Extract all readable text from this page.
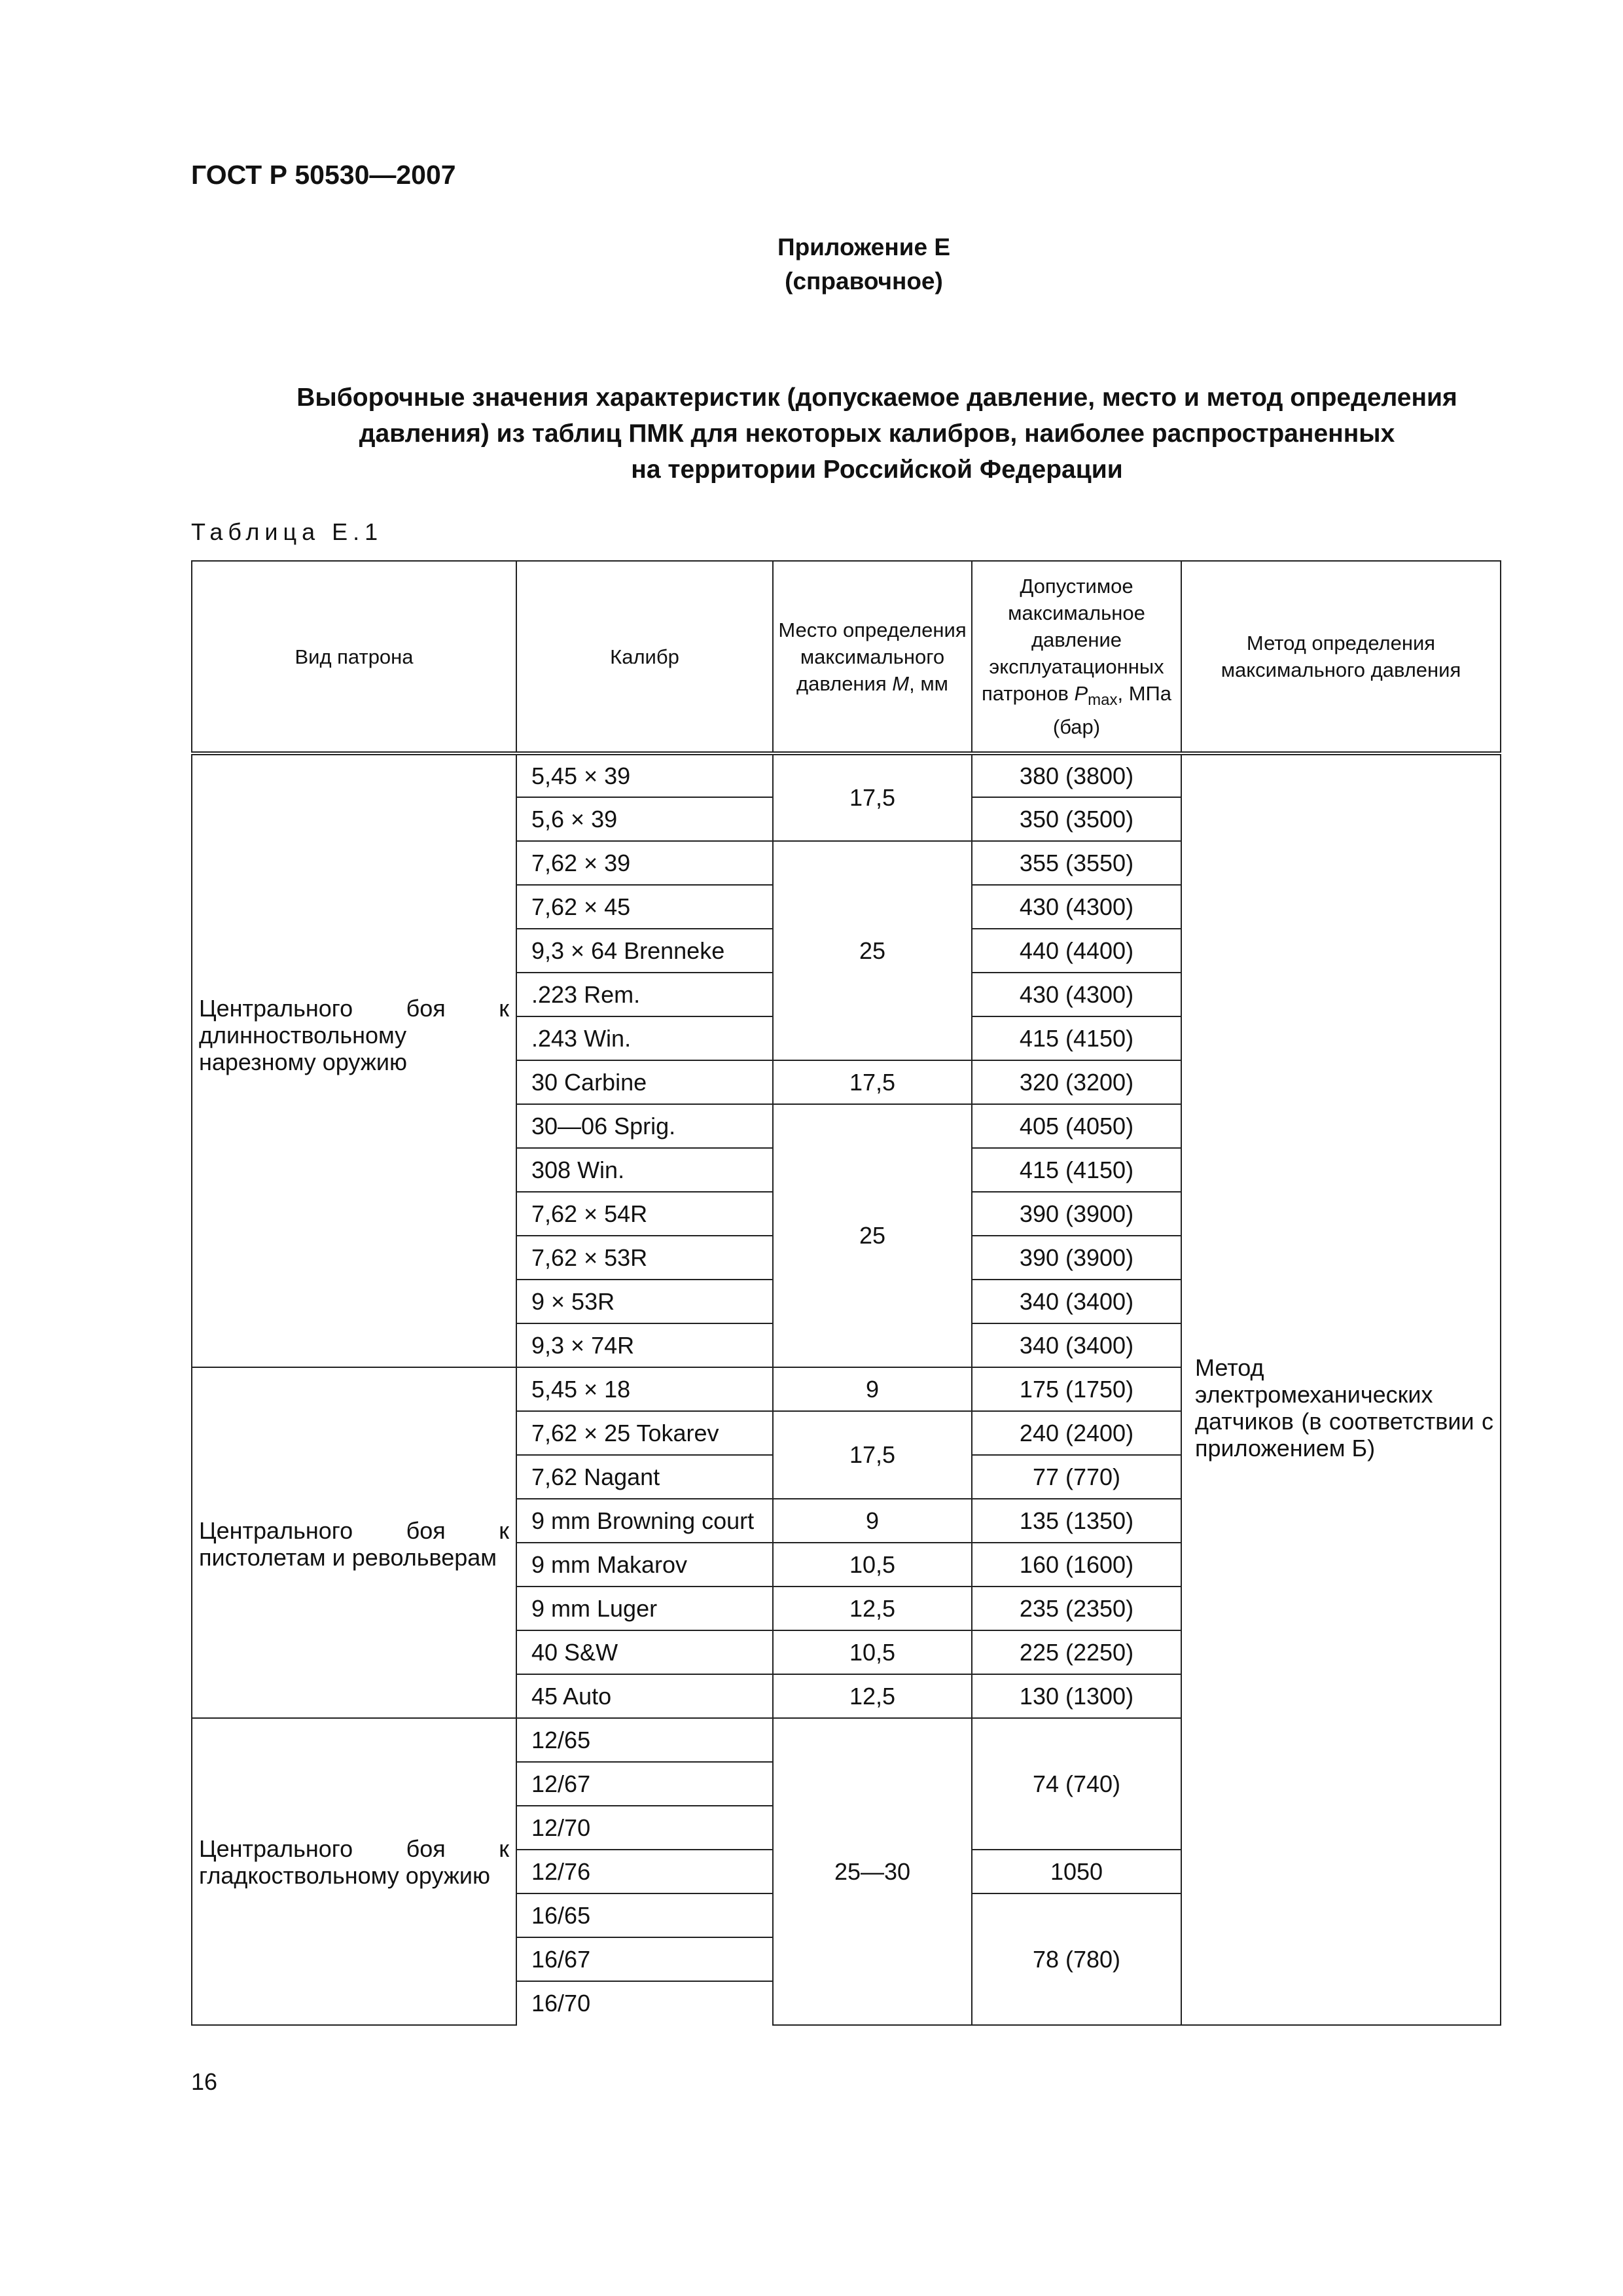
ГОСТ Р 50530—2007
Приложение Е
(справочное)
Выборочные значения характеристик (допускаемое давление, место и метод определения
давления) из таблиц ПМК для некоторых калибров, наиболее распространенных
на территории Российской Федерации
Таблица Е.1
Вид патрона	Калибр	Место определения максимального давления M, мм	Допустимое максимальное давление эксплуатационных патронов $P_{max}$, МПа (бар)	Метод определения максимального давления

Центрального боя к длинноствольному нарезному оружию	5,45 × 39	17,5	380 (3800)	Метод электромеханических датчиков (в соответствии с приложением Б)
	5,6 × 39		350 (3500)	
	7,62 × 39	25	355 (3550)	
	7,62 × 45		430 (4300)	
	9,3 × 64 Brenneke		440 (4400)	
	.223 Rem.		430 (4300)	
	.243 Win.		415 (4150)	
	30 Carbine	17,5	320 (3200)	
	30—06 Sprig.	25	405 (4050)	
	308 Win.		415 (4150)	
	7,62 × 54R		390 (3900)	
	7,62 × 53R		390 (3900)	
	9 × 53R		340 (3400)	
	9,3 × 74R		340 (3400)	

Центрального боя к пистолетам и револьверам	5,45 × 18	9	175 (1750)	
	7,62 × 25 Tokarev	17,5	240 (2400)	
	7,62 Nagant		77 (770)	
	9 mm Browning court	9	135 (1350)	
	9 mm Makarov	10,5	160 (1600)	
	9 mm Luger	12,5	235 (2350)	
	40 S&W	10,5	225 (2250)	
	45 Auto	12,5	130 (1300)	

Центрального боя к гладкоствольному оружию	12/65	25—30	74 (740)	
	12/67			
	12/70			
	12/76		1050	
	16/65		78 (780)	
	16/67			
	16/70			
16
